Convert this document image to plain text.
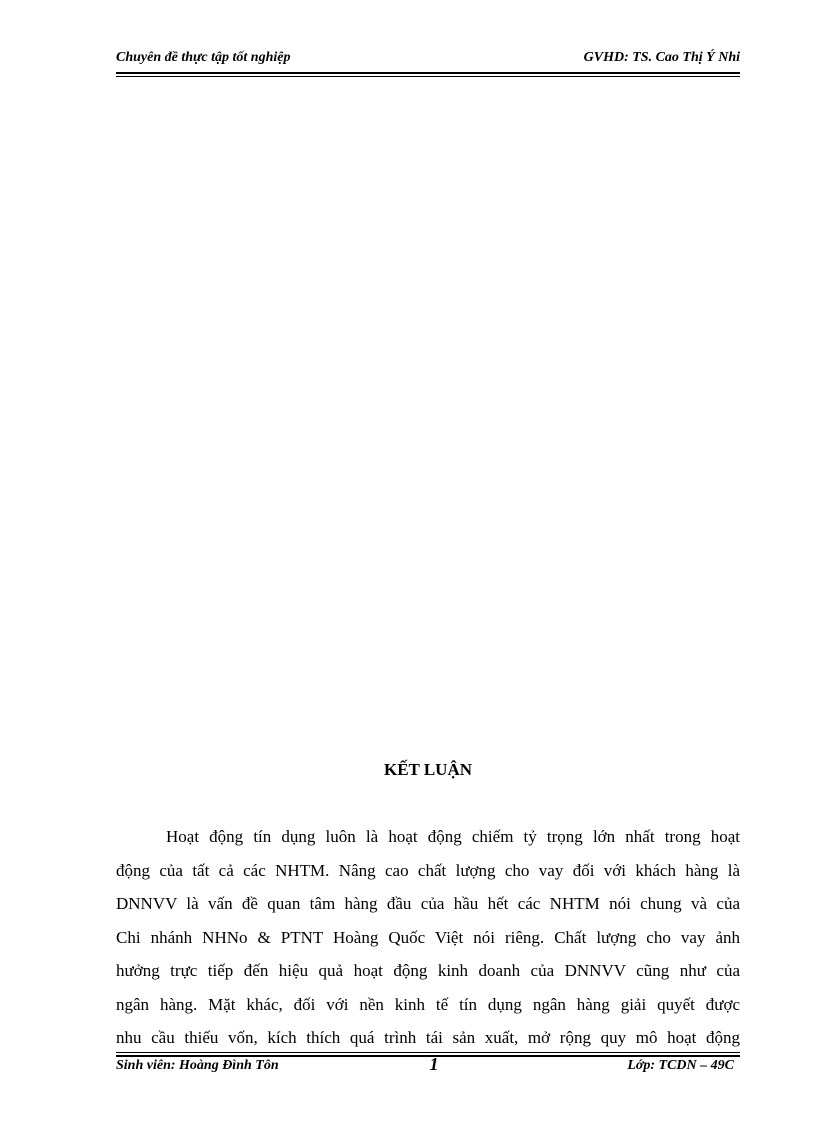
Chuyên đề thực tập tốt nghiệp	GVHD: TS. Cao Thị Ý Nhi
KẾT LUẬN
Hoạt động tín dụng luôn là hoạt động chiếm tỷ trọng lớn nhất trong hoạt
động của tất cả các NHTM. Nâng cao chất lượng cho vay đối với khách hàng là
DNNVV là vấn đề quan tâm hàng đầu của hầu hết các NHTM nói chung và của
Chi nhánh NHNo & PTNT Hoàng Quốc Việt nói riêng. Chất lượng cho vay ảnh
hưởng trực tiếp đến hiệu quả hoạt động kinh doanh của DNNVV cũng như của
ngân hàng. Mặt khác, đối với nền kinh tế tín dụng ngân hàng giải quyết được
nhu cầu thiếu vốn, kích thích quá trình tái sản xuất, mở rộng quy mô hoạt động
Sinh viên: Hoàng Đình Tôn	1	Lớp: TCDN – 49C
